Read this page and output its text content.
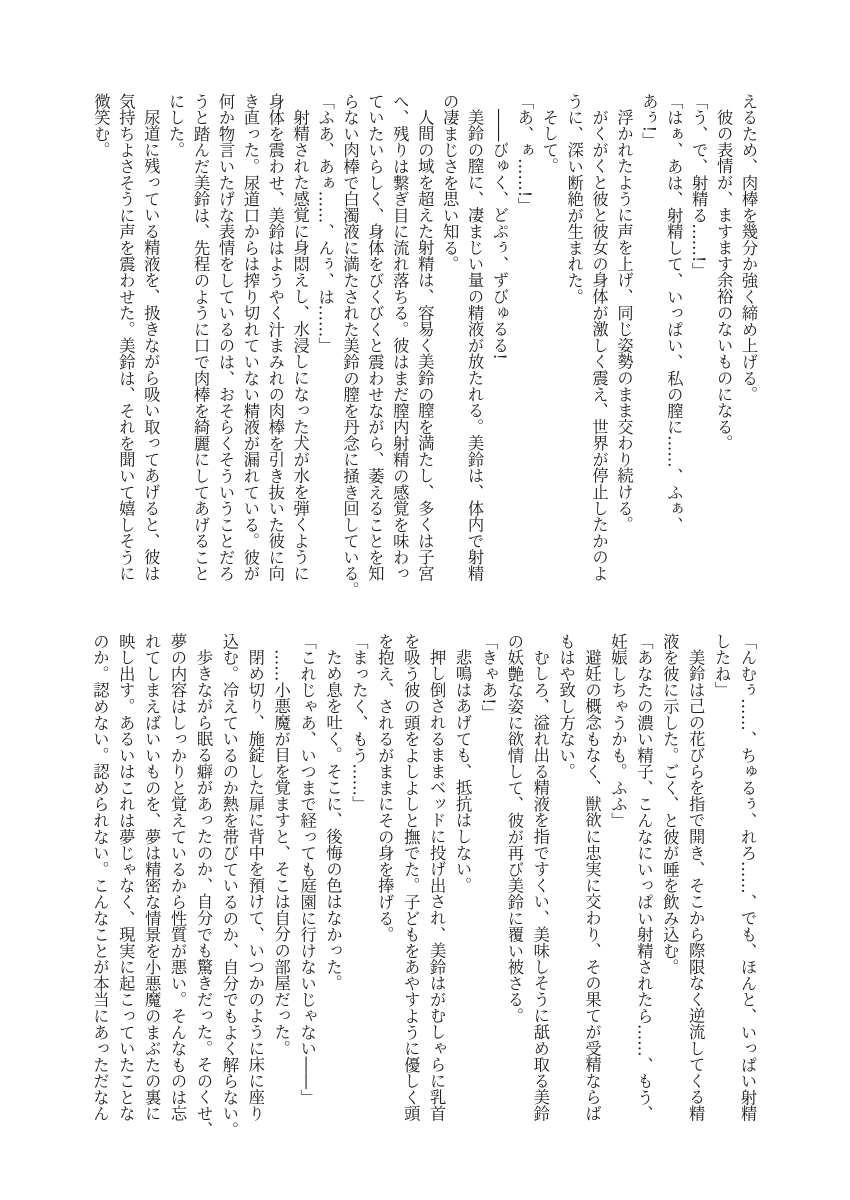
えるため、肉棒を幾分か強く締め上げる。
彼の表情が、ますます余裕のないものになる。
「う、で、射精る……!」
「はぁ、あは、射精して、いっぱい、私の膣に……、ふぁ、
あぅ!」
浮かれたように声を上げ、同じ姿勢のまま交わり続ける。
がくがくと彼と彼女の身体が激しく震え、世界が停止したかのよ
うに、深い断絶が生まれた。
そして。
「あ、ぁ……!」
――びゅく、どぷぅ、ずびゅるる!
美鈴の膣に、凄まじい量の精液が放たれる。美鈴は、体内で射精
の凄まじさを思い知る。
人間の域を超えた射精は、容易く美鈴の膣を満たし、多くは子宮
へ、残りは繋ぎ目に流れ落ちる。彼はまだ膣内射精の感覚を味わっ
ていたいらしく、身体をびくびくと震わせながら、萎えることを知
らない肉棒で白濁液に満たされた美鈴の膣を丹念に掻き回している。
「ふあ、あぁ……、んぅ、は……」
射精された感覚に身悶えし、水浸しになった犬が水を弾くように
身体を震わせ、美鈴はようやく汁まみれの肉棒を引き抜いた彼に向
き直った。尿道口からは搾り切れていない精液が漏れている。彼が
何か物言いたげな表情をしているのは、おそらくそういうことだろ
うと踏んだ美鈴は、先程のように口で肉棒を綺麗にしてあげること
にした。
尿道に残っている精液を、扱きながら吸い取ってあげると、彼は
気持ちよさそうに声を震わせた。美鈴は、それを聞いて嬉しそうに
微笑む。
「んむぅ……、ちゅるぅ、れろ……、でも、ほんと、いっぱい射精
したね」
美鈴は己の花びらを指で開き、そこから際限なく逆流してくる精
液を彼に示した。ごく、と彼が唾を飲み込む。
「あなたの濃い精子、こんなにいっぱい射精されたら……、もう、
妊娠しちゃうかも。ふふ」
避妊の概念もなく、獣欲に忠実に交わり、その果てが受精ならば
もはや致し方ない。
むしろ、溢れ出る精液を指ですくい、美味しそうに舐め取る美鈴
の妖艶な姿に欲情して、彼が再び美鈴に覆い被さる。
「きゃあ!」
悲鳴はあげても、抵抗はしない。
押し倒されるままベッドに投げ出され、美鈴はがむしゃらに乳首
を吸う彼の頭をよしよしと撫でた。子どもをあやすように優しく頭
を抱え、されるがままにその身を捧げる。
「まったく、もう……」
ため息を吐く。そこに、後悔の色はなかった。
「これじゃあ、いつまで経っても庭園に行けないじゃない――」
……小悪魔が目を覚ますと、そこは自分の部屋だった。
閉め切り、施錠した扉に背中を預けて、いつかのように床に座り
込む。冷えているのか熱を帯びているのか、自分でもよく解らない。
歩きながら眠る癖があったのか、自分でも驚きだった。そのくせ、
夢の内容はしっかりと覚えているから性質が悪い。そんなものは忘
れてしまえばいいものを、夢は精密な情景を小悪魔のまぶたの裏に
映し出す。あるいはこれは夢じゃなく、現実に起こっていたことな
のか。認めない。認められない。こんなことが本当にあっただなん
